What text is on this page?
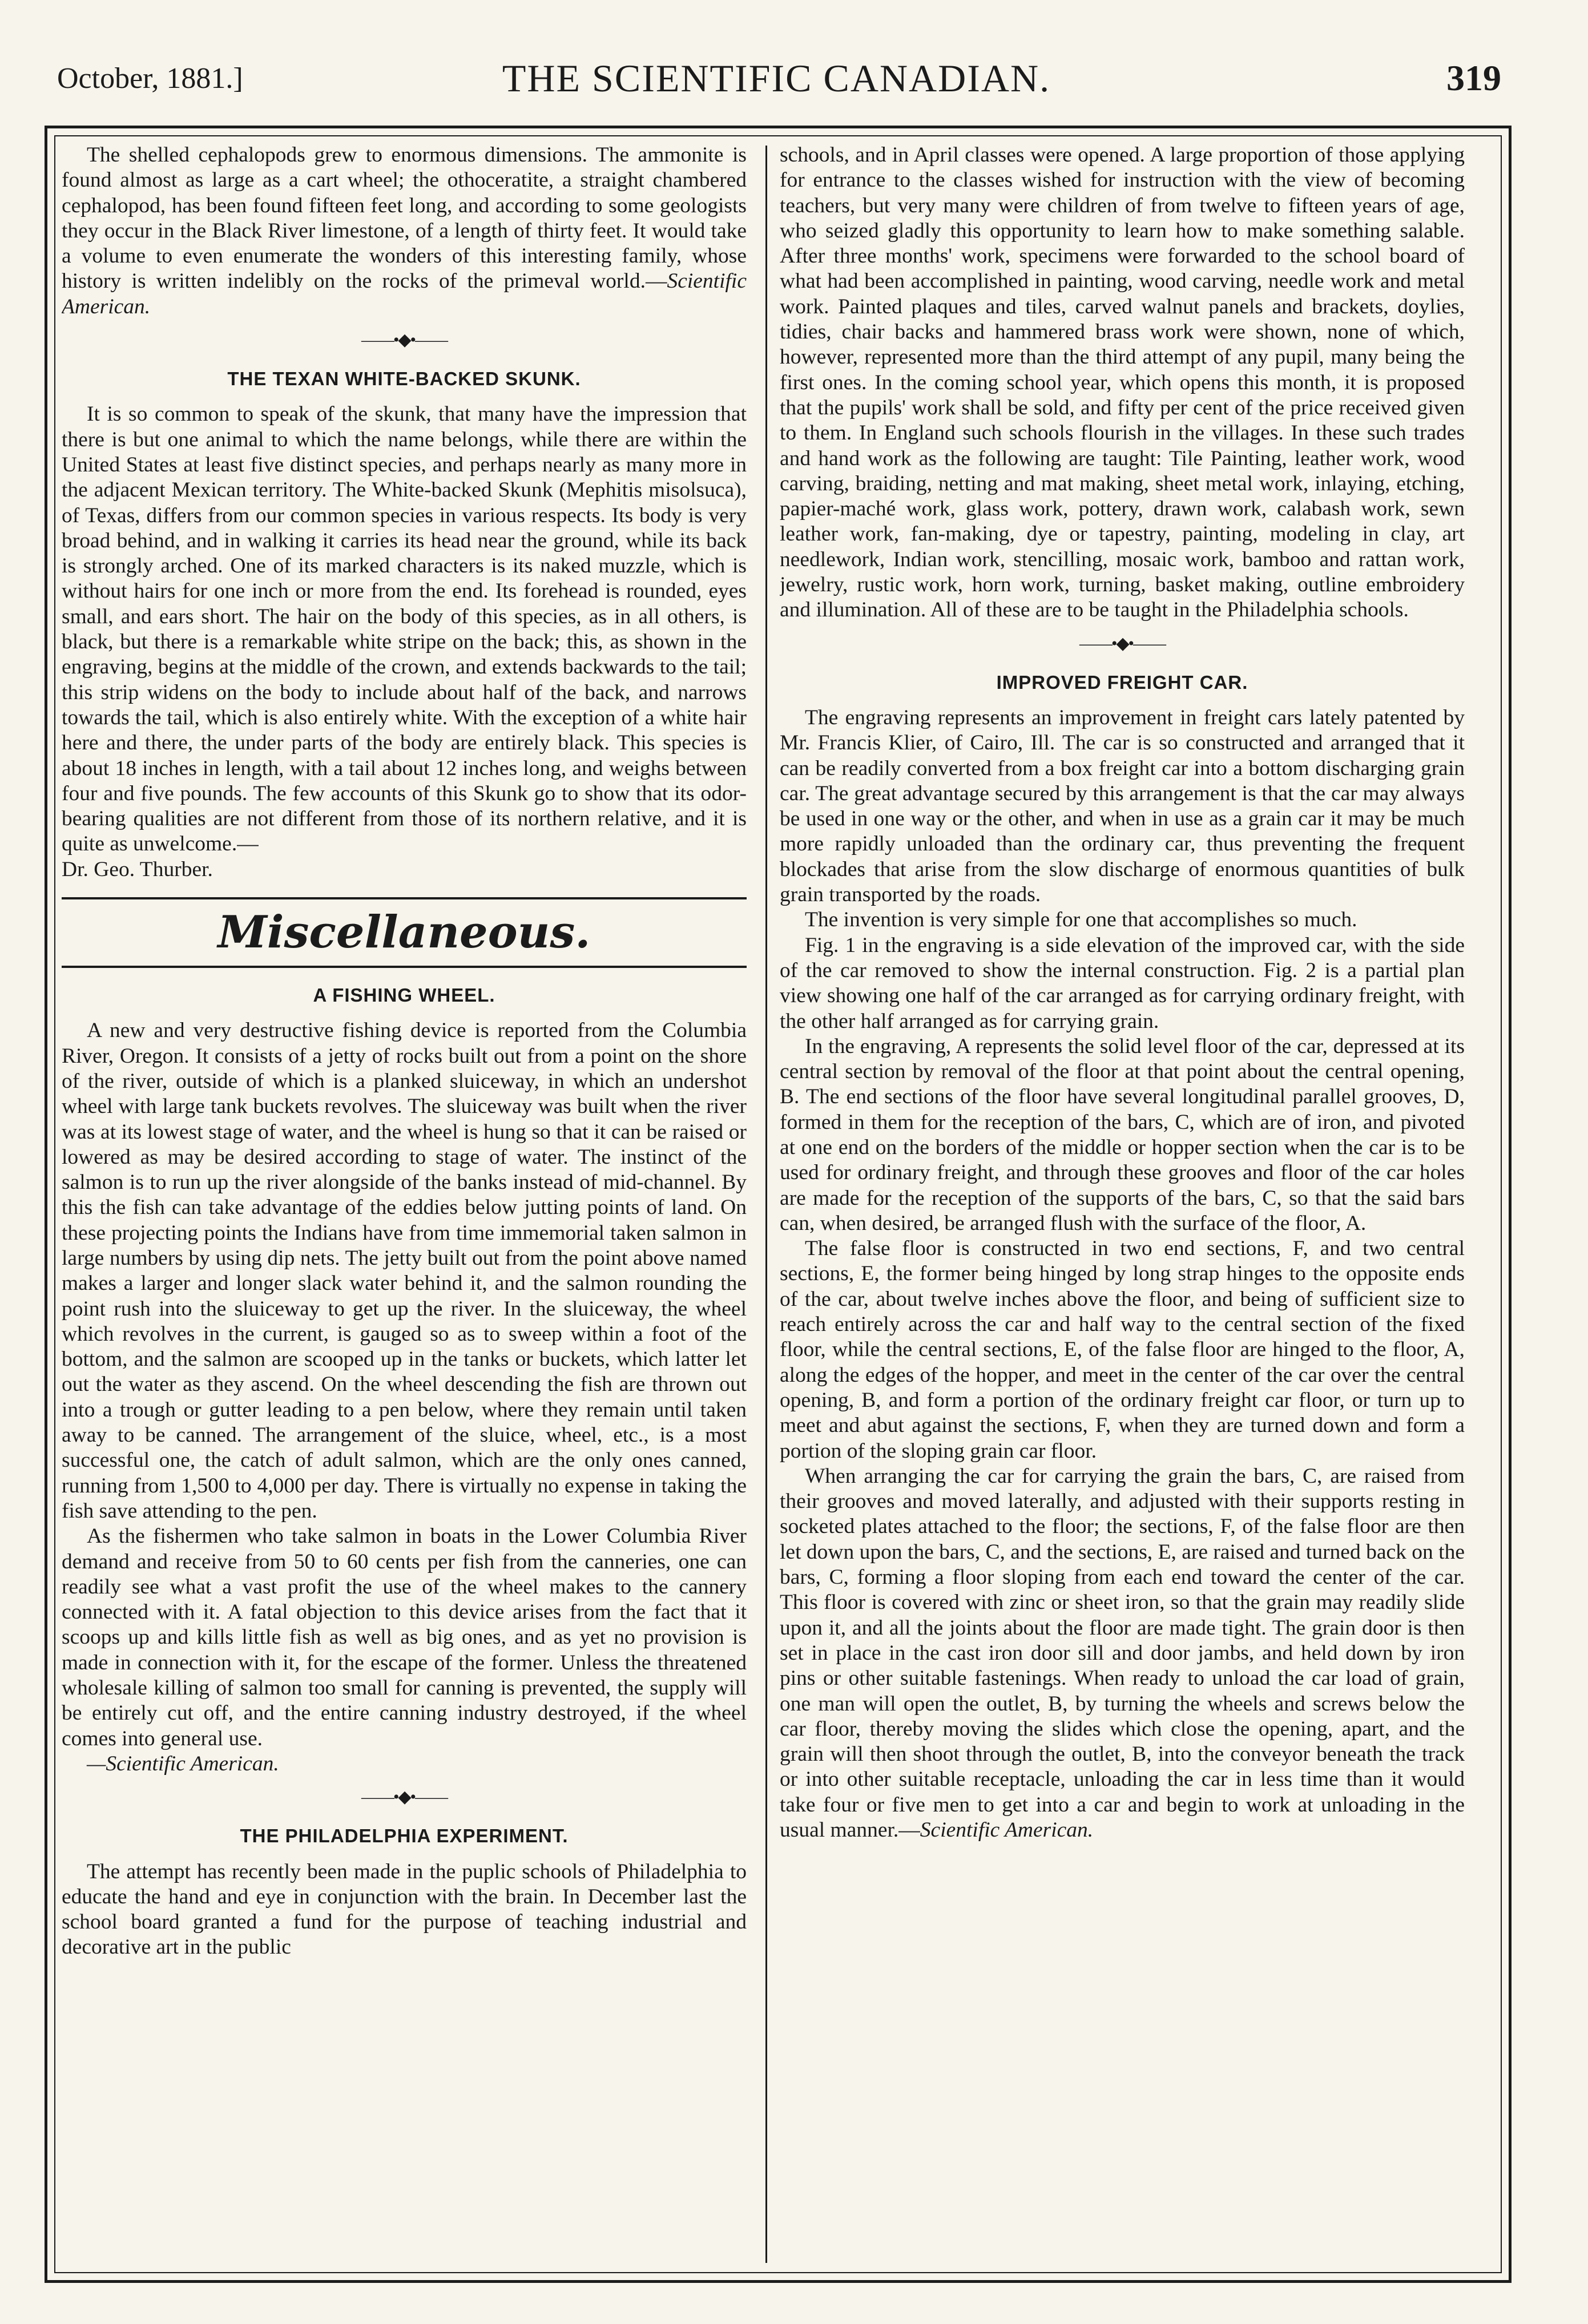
October, 1881.]	THE SCIENTIFIC CANADIAN.	319

The shelled cephalopods grew to enormous dimensions. The ammonite is found almost as large as a cart wheel; the othoceratite, a straight chambered cephalopod, has been found fifteen feet long, and according to some geologists they occur in the Black River limestone, of a length of thirty feet. It would take a volume to even enumerate the wonders of this interesting family, whose history is written indelibly on the rocks of the primeval world.—Scientific American.

——•◆•——
THE TEXAN WHITE-BACKED SKUNK.

It is so common to speak of the skunk, that many have the impression that there is but one animal to which the name belongs, while there are within the United States at least five distinct species, and perhaps nearly as many more in the adjacent Mexican territory. The White-backed Skunk (Mephitis misolsuca), of Texas, differs from our common species in various respects. Its body is very broad behind, and in walking it carries its head near the ground, while its back is strongly arched. One of its marked characters is its naked muzzle, which is without hairs for one inch or more from the end. Its forehead is rounded, eyes small, and ears short. The hair on the body of this species, as in all others, is black, but there is a remarkable white stripe on the back; this, as shown in the engraving, begins at the middle of the crown, and extends backwards to the tail; this strip widens on the body to include about half of the back, and narrows towards the tail, which is also entirely white. With the exception of a white hair here and there, the under parts of the body are entirely black. This species is about 18 inches in length, with a tail about 12 inches long, and weighs between four and five pounds. The few accounts of this Skunk go to show that its odor-bearing qualities are not different from those of its northern relative, and it is quite as unwelcome.—

Dr. Geo. Thurber.

Miscellaneous.
A FISHING WHEEL.

A new and very destructive fishing device is reported from the Columbia River, Oregon. It consists of a jetty of rocks built out from a point on the shore of the river, outside of which is a planked sluiceway, in which an undershot wheel with large tank buckets revolves. The sluiceway was built when the river was at its lowest stage of water, and the wheel is hung so that it can be raised or lowered as may be desired according to stage of water. The instinct of the salmon is to run up the river alongside of the banks instead of mid-channel. By this the fish can take advantage of the eddies below jutting points of land. On these projecting points the Indians have from time immemorial taken salmon in large numbers by using dip nets. The jetty built out from the point above named makes a larger and longer slack water behind it, and the salmon rounding the point rush into the sluiceway to get up the river. In the sluiceway, the wheel which revolves in the current, is gauged so as to sweep within a foot of the bottom, and the salmon are scooped up in the tanks or buckets, which latter let out the water as they ascend. On the wheel descending the fish are thrown out into a trough or gutter leading to a pen below, where they remain until taken away to be canned. The arrangement of the sluice, wheel, etc., is a most successful one, the catch of adult salmon, which are the only ones canned, running from 1,500 to 4,000 per day. There is virtually no expense in taking the fish save attending to the pen.

As the fishermen who take salmon in boats in the Lower Columbia River demand and receive from 50 to 60 cents per fish from the canneries, one can readily see what a vast profit the use of the wheel makes to the cannery connected with it. A fatal objection to this device arises from the fact that it scoops up and kills little fish as well as big ones, and as yet no provision is made in connection with it, for the escape of the former. Unless the threatened wholesale killing of salmon too small for canning is prevented, the supply will be entirely cut off, and the entire canning industry destroyed, if the wheel comes into general use.

—Scientific American.

——•◆•——
THE PHILADELPHIA EXPERIMENT.

The attempt has recently been made in the puplic schools of Philadelphia to educate the hand and eye in conjunction with the brain. In December last the school board granted a fund for the purpose of teaching industrial and decorative art in the public

schools, and in April classes were opened. A large proportion of those applying for entrance to the classes wished for instruction with the view of becoming teachers, but very many were children of from twelve to fifteen years of age, who seized gladly this opportunity to learn how to make something salable. After three months' work, specimens were forwarded to the school board of what had been accomplished in painting, wood carving, needle work and metal work. Painted plaques and tiles, carved walnut panels and brackets, doylies, tidies, chair backs and hammered brass work were shown, none of which, however, represented more than the third attempt of any pupil, many being the first ones. In the coming school year, which opens this month, it is proposed that the pupils' work shall be sold, and fifty per cent of the price received given to them. In England such schools flourish in the villages. In these such trades and hand work as the following are taught: Tile Painting, leather work, wood carving, braiding, netting and mat making, sheet metal work, inlaying, etching, papier-maché work, glass work, pottery, drawn work, calabash work, sewn leather work, fan-making, dye or tapestry, painting, modeling in clay, art needlework, Indian work, stencilling, mosaic work, bamboo and rattan work, jewelry, rustic work, horn work, turning, basket making, outline embroidery and illumination. All of these are to be taught in the Philadelphia schools.

——•◆•——
IMPROVED FREIGHT CAR.

The engraving represents an improvement in freight cars lately patented by Mr. Francis Klier, of Cairo, Ill. The car is so constructed and arranged that it can be readily converted from a box freight car into a bottom discharging grain car. The great advantage secured by this arrangement is that the car may always be used in one way or the other, and when in use as a grain car it may be much more rapidly unloaded than the ordinary car, thus preventing the frequent blockades that arise from the slow discharge of enormous quantities of bulk grain transported by the roads.

The invention is very simple for one that accomplishes so much.

Fig. 1 in the engraving is a side elevation of the improved car, with the side of the car removed to show the internal construction. Fig. 2 is a partial plan view showing one half of the car arranged as for carrying ordinary freight, with the other half arranged as for carrying grain.

In the engraving, A represents the solid level floor of the car, depressed at its central section by removal of the floor at that point about the central opening, B. The end sections of the floor have several longitudinal parallel grooves, D, formed in them for the reception of the bars, C, which are of iron, and pivoted at one end on the borders of the middle or hopper section when the car is to be used for ordinary freight, and through these grooves and floor of the car holes are made for the reception of the supports of the bars, C, so that the said bars can, when desired, be arranged flush with the surface of the floor, A.

The false floor is constructed in two end sections, F, and two central sections, E, the former being hinged by long strap hinges to the opposite ends of the car, about twelve inches above the floor, and being of sufficient size to reach entirely across the car and half way to the central section of the fixed floor, while the central sections, E, of the false floor are hinged to the floor, A, along the edges of the hopper, and meet in the center of the car over the central opening, B, and form a portion of the ordinary freight car floor, or turn up to meet and abut against the sections, F, when they are turned down and form a portion of the sloping grain car floor.

When arranging the car for carrying the grain the bars, C, are raised from their grooves and moved laterally, and adjusted with their supports resting in socketed plates attached to the floor; the sections, F, of the false floor are then let down upon the bars, C, and the sections, E, are raised and turned back on the bars, C, forming a floor sloping from each end toward the center of the car. This floor is covered with zinc or sheet iron, so that the grain may readily slide upon it, and all the joints about the floor are made tight. The grain door is then set in place in the cast iron door sill and door jambs, and held down by iron pins or other suitable fastenings. When ready to unload the car load of grain, one man will open the outlet, B, by turning the wheels and screws below the car floor, thereby moving the slides which close the opening, apart, and the grain will then shoot through the outlet, B, into the conveyor beneath the track or into other suitable receptacle, unloading the car in less time than it would take four or five men to get into a car and begin to work at unloading in the usual manner.—Scientific American.
